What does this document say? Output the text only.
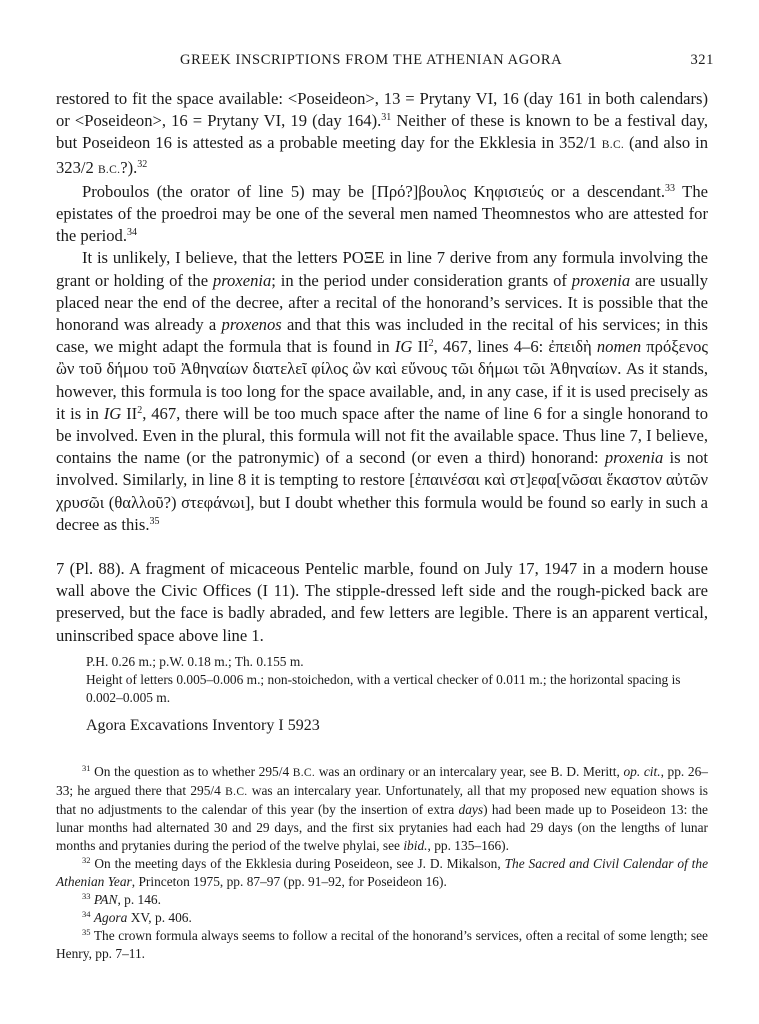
GREEK INSCRIPTIONS FROM THE ATHENIAN AGORA	321

restored to fit the space available: <Poseideon>, 13 = Prytany VI, 16 (day 161 in both calendars) or <Poseideon>, 16 = Prytany VI, 19 (day 164).$^{31}$ Neither of these is known to be a festival day, but Poseideon 16 is attested as a probable meeting day for the Ekklesia in 352/1 B.C. (and also in 323/2 B.C.?).$^{32}$

Proboulos (the orator of line 5) may be [Πρό?]βουλος Κηφισιεύς or a descendant.$^{33}$ The epistates of the proedroi may be one of the several men named Theomnestos who are attested for the period.$^{34}$

It is unlikely, I believe, that the letters ΡΟΞΕ in line 7 derive from any formula involving the grant or holding of the proxenia; in the period under consideration grants of proxenia are usually placed near the end of the decree, after a recital of the honorand’s services. It is possible that the honorand was already a proxenos and that this was included in the recital of his services; in this case, we might adapt the formula that is found in IG $II^2$, 467, lines 4–6: ἐπειδὴ nomen πρόξενος ὢν τοῦ δήμου τοῦ Ἀθηναίων διατελεῖ φίλος ὢν καὶ εὔνους τῶι δήμωι τῶι Ἀθηναίων. As it stands, however, this formula is too long for the space available, and, in any case, if it is used precisely as it is in IG $II^2$, 467, there will be too much space after the name of line 6 for a single honorand to be involved. Even in the plural, this formula will not fit the available space. Thus line 7, I believe, contains the name (or the patronymic) of a second (or even a third) honorand: proxenia is not involved. Similarly, in line 8 it is tempting to restore [ἐπαινέσαι καὶ στ]εφα[νῶσαι ἕκαστον αὐτῶν χρυσῶι (θαλλοῦ?) στεφάνωι], but I doubt whether this formula would be found so early in such a decree as this.$^{35}$

7 (Pl. 88). A fragment of micaceous Pentelic marble, found on July 17, 1947 in a modern house wall above the Civic Offices (I 11). The stipple-dressed left side and the rough-picked back are preserved, but the face is badly abraded, and few letters are legible. There is an apparent vertical, uninscribed space above line 1.

P.H. 0.26 m.; p.W. 0.18 m.; Th. 0.155 m.
Height of letters 0.005–0.006 m.; non-stoichedon, with a vertical checker of 0.011 m.; the horizontal spacing is 0.002–0.005 m.
Agora Excavations Inventory I 5923

$^{31}$ On the question as to whether 295/4 B.C. was an ordinary or an intercalary year, see B. D. Meritt, op. cit., pp. 26–33; he argued there that 295/4 B.C. was an intercalary year. Unfortunately, all that my proposed new equation shows is that no adjustments to the calendar of this year (by the insertion of extra days) had been made up to Poseideon 13: the lunar months had alternated 30 and 29 days, and the first six prytanies had each had 29 days (on the lengths of lunar months and prytanies during the period of the twelve phylai, see ibid., pp. 135–166).

$^{32}$ On the meeting days of the Ekklesia during Poseideon, see J. D. Mikalson, The Sacred and Civil Calendar of the Athenian Year, Princeton 1975, pp. 87–97 (pp. 91–92, for Poseideon 16).

$^{33}$ PAN, p. 146.

$^{34}$ Agora XV, p. 406.

$^{35}$ The crown formula always seems to follow a recital of the honorand’s services, often a recital of some length; see Henry, pp. 7–11.
